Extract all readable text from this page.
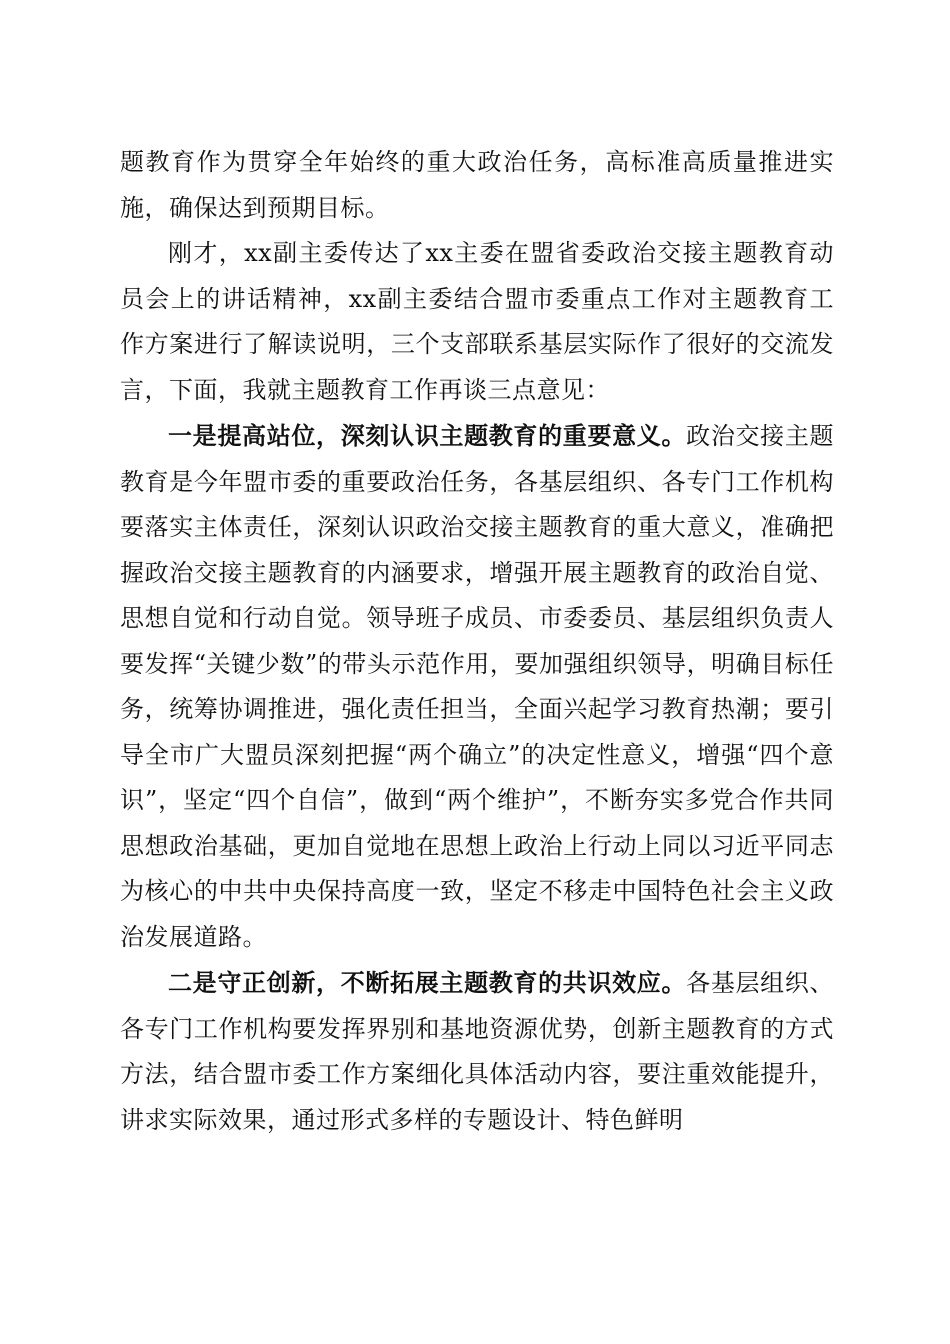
题教育作为贯穿全年始终的重大政治任务，高标准高质量推进实施，确保达到预期目标。

刚才，xx副主委传达了xx主委在盟省委政治交接主题教育动员会上的讲话精神，xx副主委结合盟市委重点工作对主题教育工作方案进行了解读说明，三个支部联系基层实际作了很好的交流发言，下面，我就主题教育工作再谈三点意见：

一是提高站位，深刻认识主题教育的重要意义。政治交接主题教育是今年盟市委的重要政治任务，各基层组织、各专门工作机构要落实主体责任，深刻认识政治交接主题教育的重大意义，准确把握政治交接主题教育的内涵要求，增强开展主题教育的政治自觉、思想自觉和行动自觉。领导班子成员、市委委员、基层组织负责人要发挥“关键少数”的带头示范作用，要加强组织领导，明确目标任务，统筹协调推进，强化责任担当，全面兴起学习教育热潮；要引导全市广大盟员深刻把握“两个确立”的决定性意义，增强“四个意识”，坚定“四个自信”，做到“两个维护”，不断夯实多党合作共同思想政治基础，更加自觉地在思想上政治上行动上同以习近平同志为核心的中共中央保持高度一致，坚定不移走中国特色社会主义政治发展道路。

二是守正创新，不断拓展主题教育的共识效应。各基层组织、各专门工作机构要发挥界别和基地资源优势，创新主题教育的方式方法，结合盟市委工作方案细化具体活动内容，要注重效能提升，讲求实际效果，通过形式多样的专题设计、特色鲜明
